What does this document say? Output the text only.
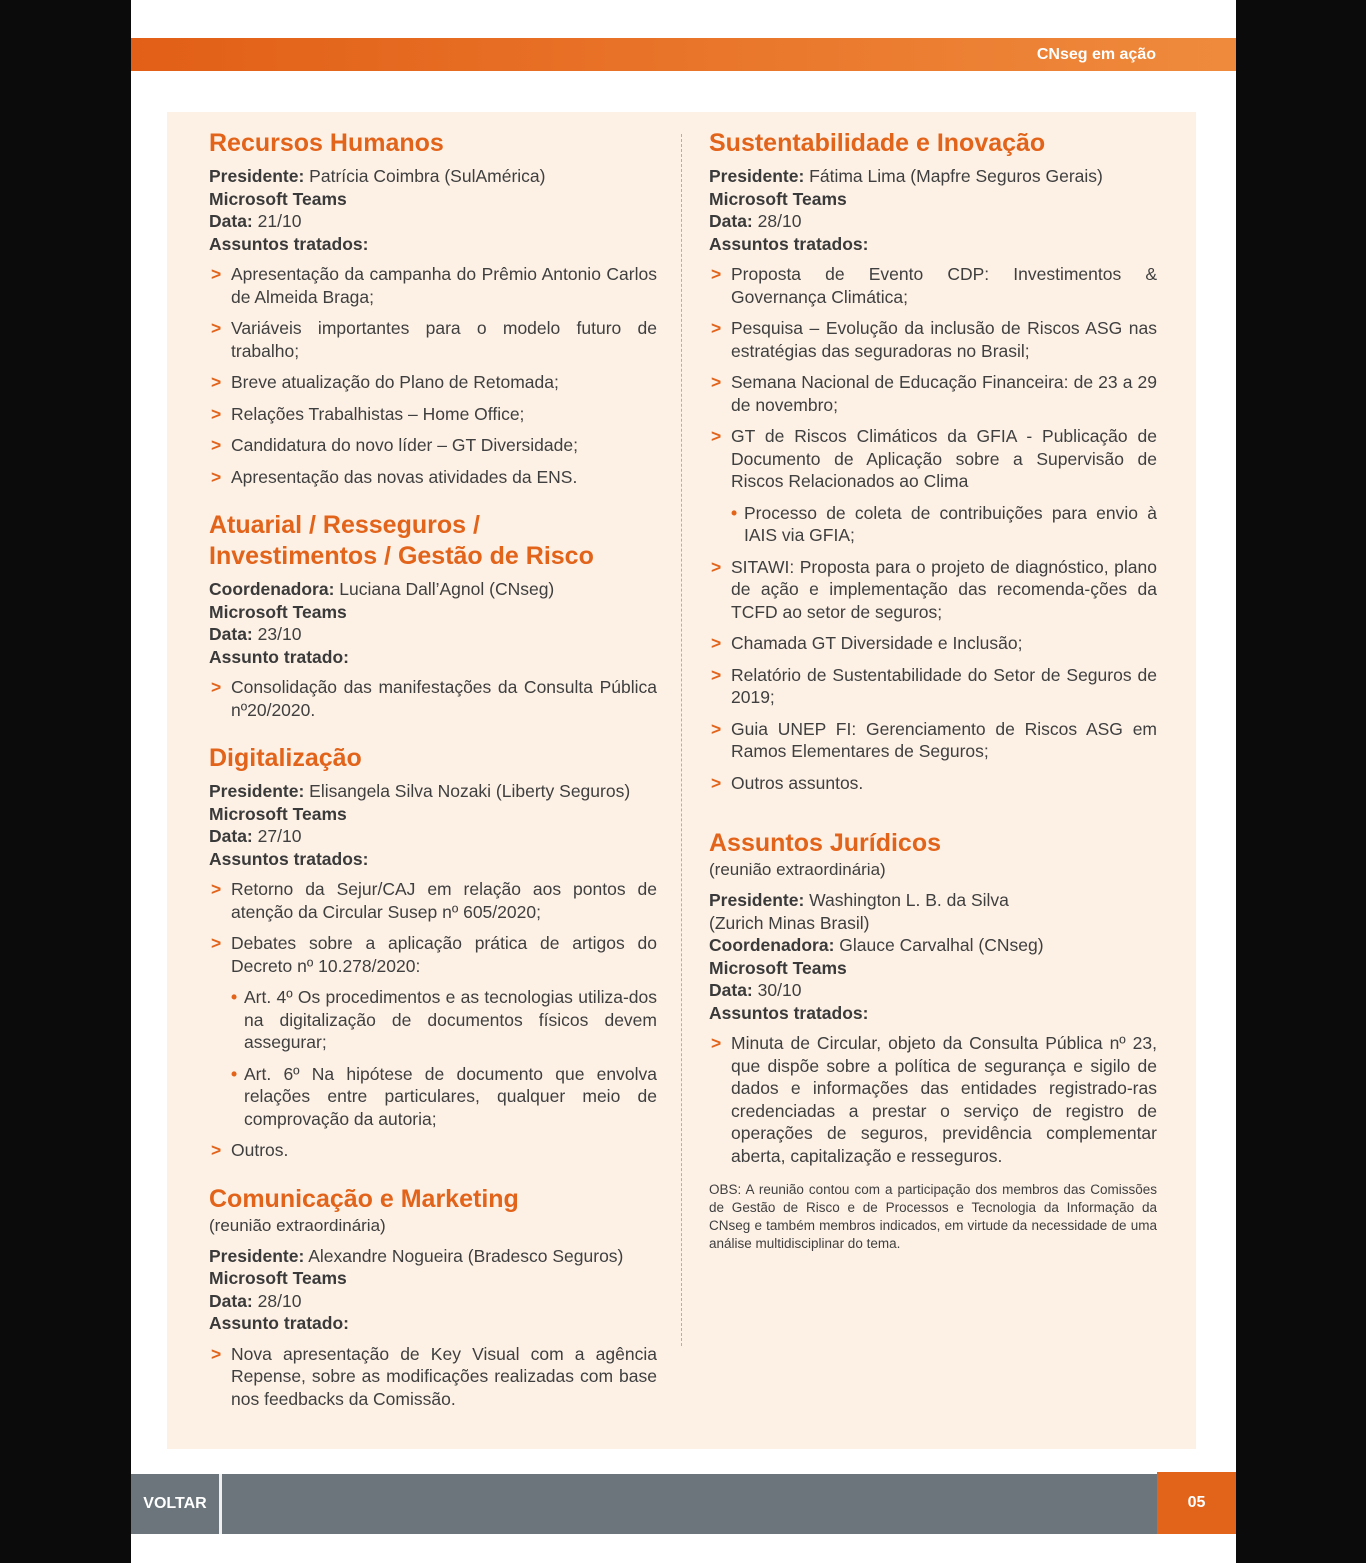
CNseg em ação
Recursos Humanos
Presidente: Patrícia Coimbra (SulAmérica)
Microsoft Teams
Data: 21/10
Assuntos tratados:
> Apresentação da campanha do Prêmio Antonio Carlos de Almeida Braga;
> Variáveis importantes para o modelo futuro de trabalho;
> Breve atualização do Plano de Retomada;
> Relações Trabalhistas – Home Office;
> Candidatura do novo líder – GT Diversidade;
> Apresentação das novas atividades da ENS.
Atuarial / Resseguros /
Investimentos / Gestão de Risco
Coordenadora: Luciana Dall’Agnol (CNseg)
Microsoft Teams
Data: 23/10
Assunto tratado:
> Consolidação das manifestações da Consulta Pública nº20/2020.
Digitalização
Presidente: Elisangela Silva Nozaki (Liberty Seguros)
Microsoft Teams
Data: 27/10
Assuntos tratados:
> Retorno da Sejur/CAJ em relação aos pontos de atenção da Circular Susep nº 605/2020;
> Debates sobre a aplicação prática de artigos do Decreto nº 10.278/2020:
• Art. 4º Os procedimentos e as tecnologias utiliza-dos na digitalização de documentos físicos devem assegurar;
• Art. 6º Na hipótese de documento que envolva relações entre particulares, qualquer meio de comprovação da autoria;
> Outros.
Comunicação e Marketing
(reunião extraordinária)
Presidente: Alexandre Nogueira (Bradesco Seguros)
Microsoft Teams
Data: 28/10
Assunto tratado:
> Nova apresentação de Key Visual com a agência Repense, sobre as modificações realizadas com base nos feedbacks da Comissão.
Sustentabilidade e Inovação
Presidente: Fátima Lima (Mapfre Seguros Gerais)
Microsoft Teams
Data: 28/10
Assuntos tratados:
> Proposta de Evento CDP: Investimentos & Governança Climática;
> Pesquisa – Evolução da inclusão de Riscos ASG nas estratégias das seguradoras no Brasil;
> Semana Nacional de Educação Financeira: de 23 a 29 de novembro;
> GT de Riscos Climáticos da GFIA - Publicação de Documento de Aplicação sobre a Supervisão de Riscos Relacionados ao Clima
• Processo de coleta de contribuições para envio à IAIS via GFIA;
> SITAWI: Proposta para o projeto de diagnóstico, plano de ação e implementação das recomenda-ções da TCFD ao setor de seguros;
> Chamada GT Diversidade e Inclusão;
> Relatório de Sustentabilidade do Setor de Seguros de 2019;
> Guia UNEP FI: Gerenciamento de Riscos ASG em Ramos Elementares de Seguros;
> Outros assuntos.
Assuntos Jurídicos
(reunião extraordinária)
Presidente: Washington L. B. da Silva
(Zurich Minas Brasil)
Coordenadora: Glauce Carvalhal (CNseg)
Microsoft Teams
Data: 30/10
Assuntos tratados:
> Minuta de Circular, objeto da Consulta Pública nº 23, que dispõe sobre a política de segurança e sigilo de dados e informações das entidades registrado-ras credenciadas a prestar o serviço de registro de operações de seguros, previdência complementar aberta, capitalização e resseguros.
OBS: A reunião contou com a participação dos membros das Comissões de Gestão de Risco e de Processos e Tecnologia da Informação da CNseg e também membros indicados, em virtude da necessidade de uma análise multidisciplinar do tema.
VOLTAR	05
